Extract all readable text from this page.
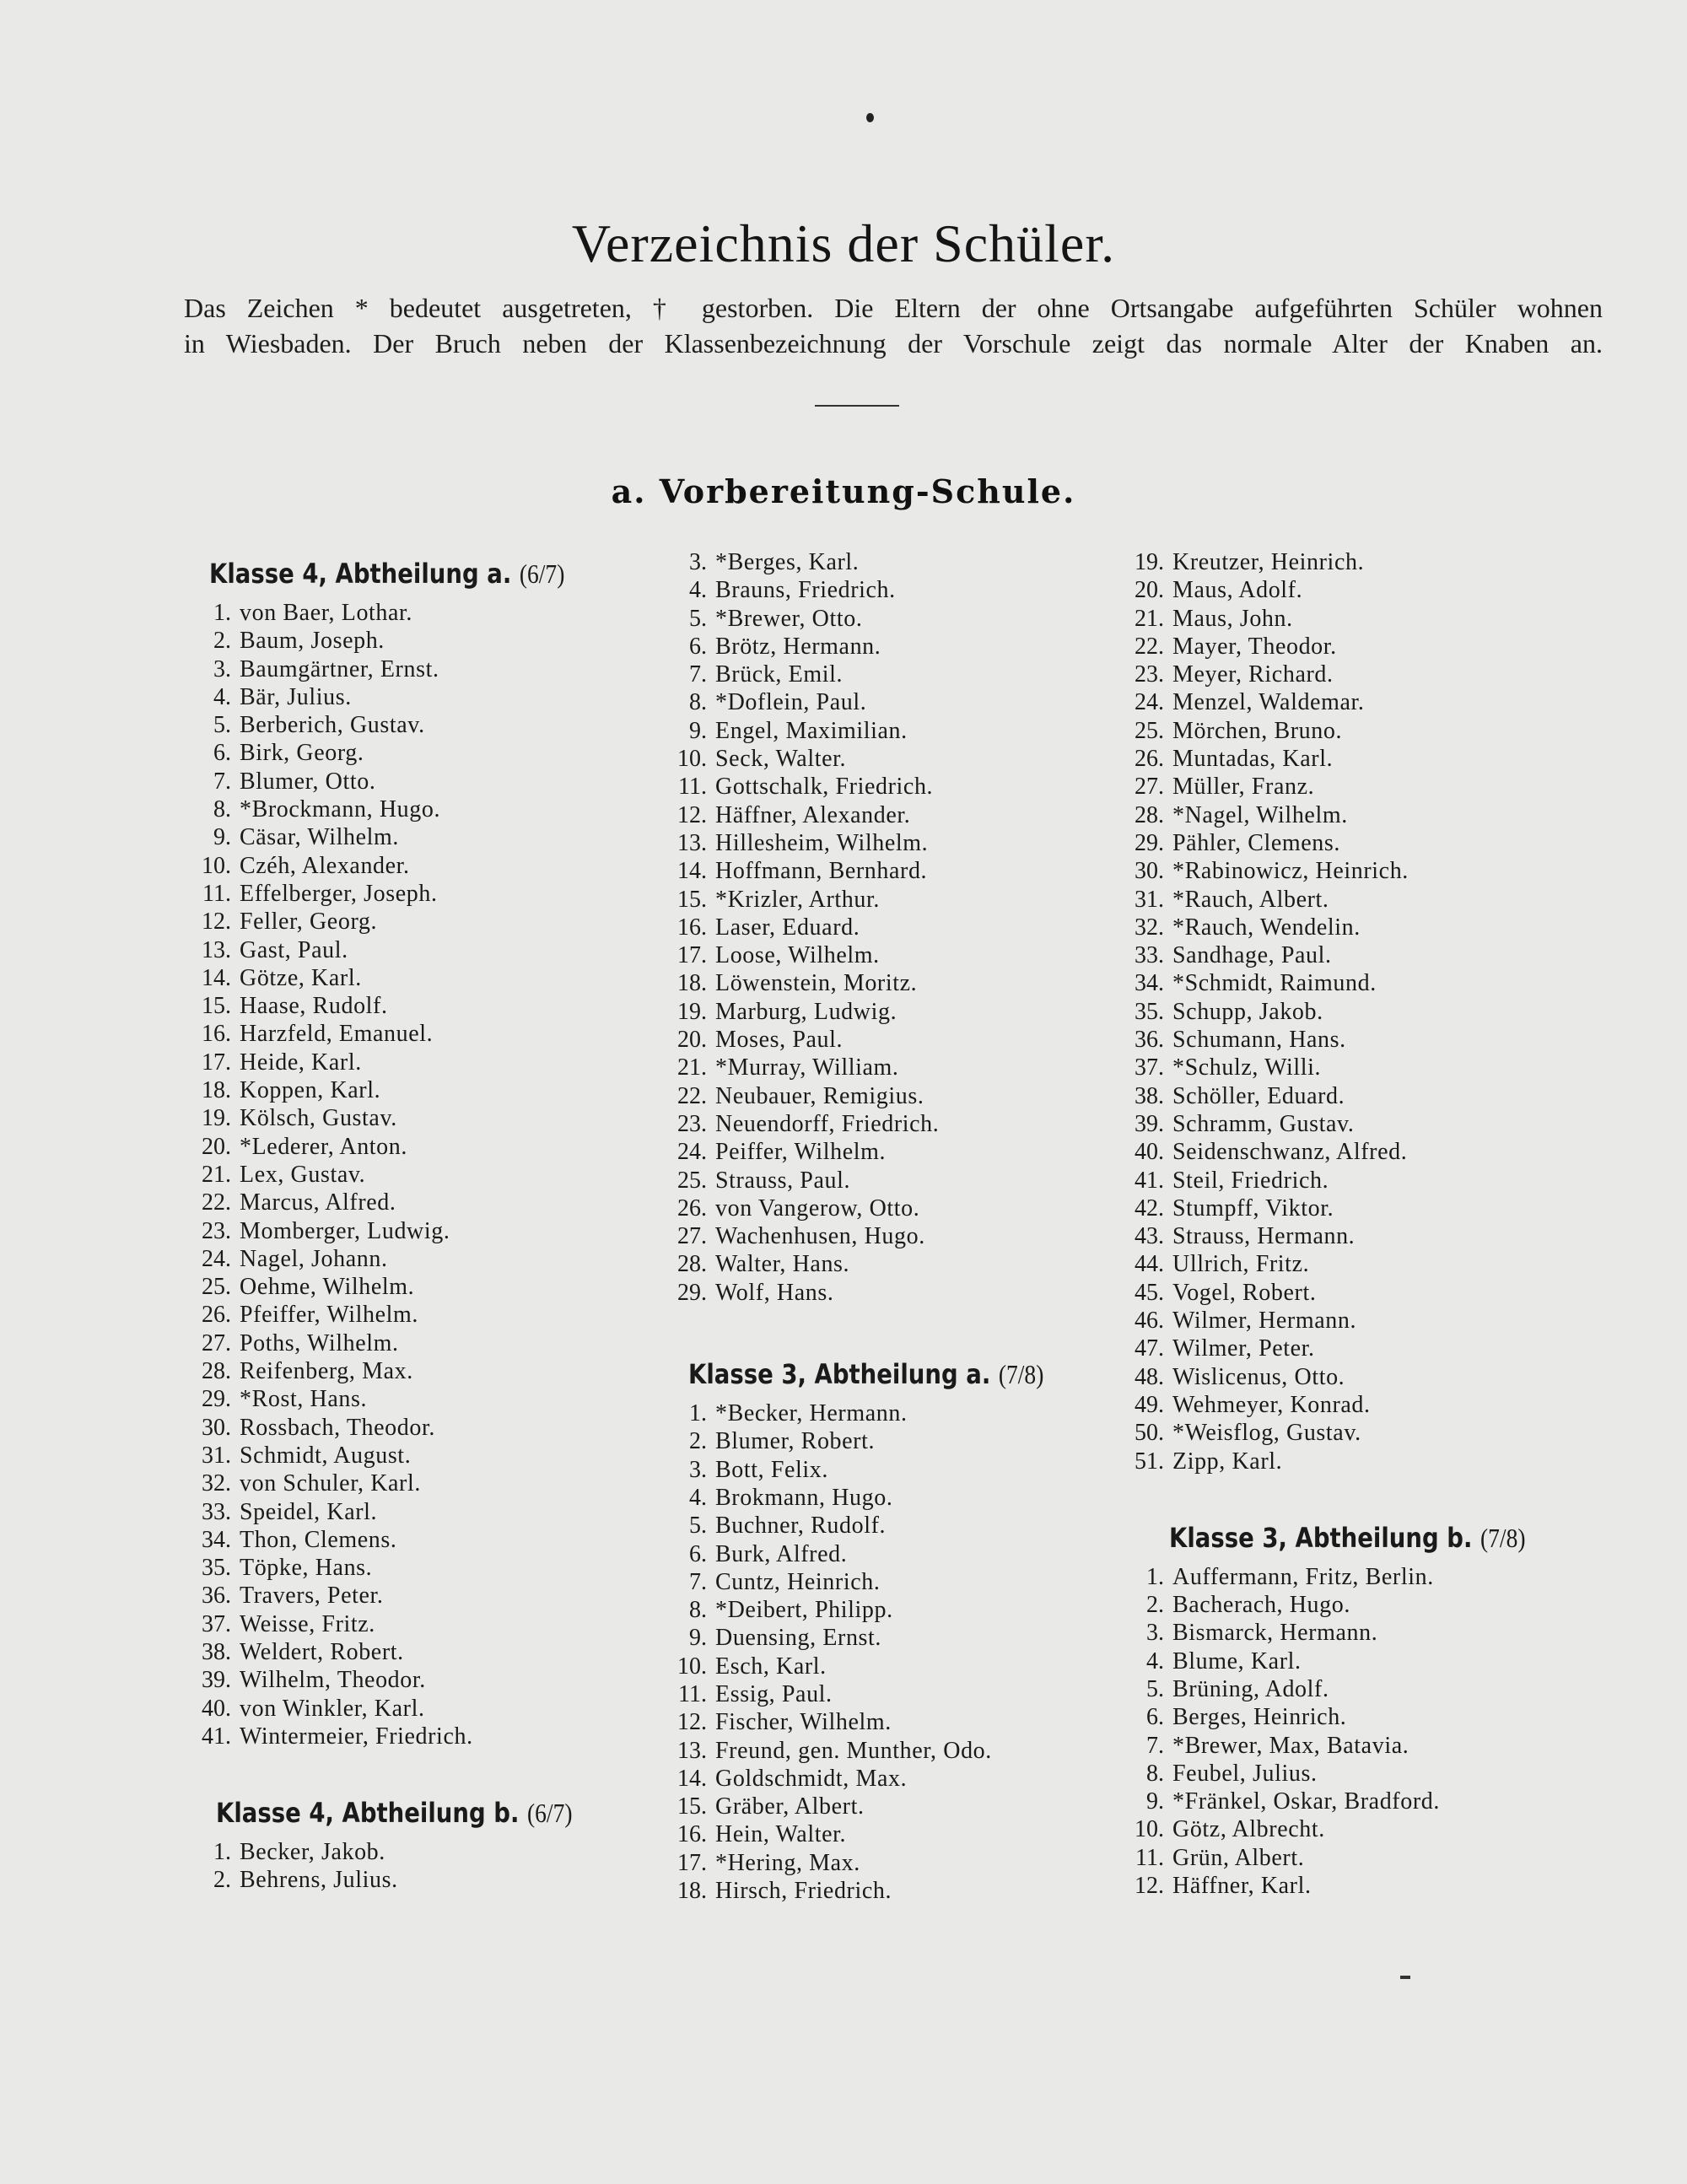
Verzeichnis der Schüler.

Das Zeichen * bedeutet ausgetreten, † gestorben. Die Eltern der ohne Ortsangabe aufgeführten Schüler wohnen

in Wiesbaden. Der Bruch neben der Klassenbezeichnung der Vorschule zeigt das normale Alter der Knaben an.

a. Vorbereitung-Schule.
Klasse 4, Abtheilung a. (6/7)
1. von Baer, Lothar.
2. Baum, Joseph.
3. Baumgärtner, Ernst.
4. Bär, Julius.
5. Berberich, Gustav.
6. Birk, Georg.
7. Blumer, Otto.
8. *Brockmann, Hugo.
9. Cäsar, Wilhelm.
10. Czéh, Alexander.
11. Effelberger, Joseph.
12. Feller, Georg.
13. Gast, Paul.
14. Götze, Karl.
15. Haase, Rudolf.
16. Harzfeld, Emanuel.
17. Heide, Karl.
18. Koppen, Karl.
19. Kölsch, Gustav.
20. *Lederer, Anton.
21. Lex, Gustav.
22. Marcus, Alfred.
23. Momberger, Ludwig.
24. Nagel, Johann.
25. Oehme, Wilhelm.
26. Pfeiffer, Wilhelm.
27. Poths, Wilhelm.
28. Reifenberg, Max.
29. *Rost, Hans.
30. Rossbach, Theodor.
31. Schmidt, August.
32. von Schuler, Karl.
33. Speidel, Karl.
34. Thon, Clemens.
35. Töpke, Hans.
36. Travers, Peter.
37. Weisse, Fritz.
38. Weldert, Robert.
39. Wilhelm, Theodor.
40. von Winkler, Karl.
41. Wintermeier, Friedrich.
Klasse 4, Abtheilung b. (6/7)
1. Becker, Jakob.
2. Behrens, Julius.
3. *Berges, Karl.
4. Brauns, Friedrich.
5. *Brewer, Otto.
6. Brötz, Hermann.
7. Brück, Emil.
8. *Doflein, Paul.
9. Engel, Maximilian.
10. Seck, Walter.
11. Gottschalk, Friedrich.
12. Häffner, Alexander.
13. Hillesheim, Wilhelm.
14. Hoffmann, Bernhard.
15. *Krizler, Arthur.
16. Laser, Eduard.
17. Loose, Wilhelm.
18. Löwenstein, Moritz.
19. Marburg, Ludwig.
20. Moses, Paul.
21. *Murray, William.
22. Neubauer, Remigius.
23. Neuendorff, Friedrich.
24. Peiffer, Wilhelm.
25. Strauss, Paul.
26. von Vangerow, Otto.
27. Wachenhusen, Hugo.
28. Walter, Hans.
29. Wolf, Hans.
Klasse 3, Abtheilung a. (7/8)
1. *Becker, Hermann.
2. Blumer, Robert.
3. Bott, Felix.
4. Brokmann, Hugo.
5. Buchner, Rudolf.
6. Burk, Alfred.
7. Cuntz, Heinrich.
8. *Deibert, Philipp.
9. Duensing, Ernst.
10. Esch, Karl.
11. Essig, Paul.
12. Fischer, Wilhelm.
13. Freund, gen. Munther, Odo.
14. Goldschmidt, Max.
15. Gräber, Albert.
16. Hein, Walter.
17. *Hering, Max.
18. Hirsch, Friedrich.
19. Kreutzer, Heinrich.
20. Maus, Adolf.
21. Maus, John.
22. Mayer, Theodor.
23. Meyer, Richard.
24. Menzel, Waldemar.
25. Mörchen, Bruno.
26. Muntadas, Karl.
27. Müller, Franz.
28. *Nagel, Wilhelm.
29. Pähler, Clemens.
30. *Rabinowicz, Heinrich.
31. *Rauch, Albert.
32. *Rauch, Wendelin.
33. Sandhage, Paul.
34. *Schmidt, Raimund.
35. Schupp, Jakob.
36. Schumann, Hans.
37. *Schulz, Willi.
38. Schöller, Eduard.
39. Schramm, Gustav.
40. Seidenschwanz, Alfred.
41. Steil, Friedrich.
42. Stumpff, Viktor.
43. Strauss, Hermann.
44. Ullrich, Fritz.
45. Vogel, Robert.
46. Wilmer, Hermann.
47. Wilmer, Peter.
48. Wislicenus, Otto.
49. Wehmeyer, Konrad.
50. *Weisflog, Gustav.
51. Zipp, Karl.
Klasse 3, Abtheilung b. (7/8)
1. Auffermann, Fritz, Berlin.
2. Bacherach, Hugo.
3. Bismarck, Hermann.
4. Blume, Karl.
5. Brüning, Adolf.
6. Berges, Heinrich.
7. *Brewer, Max, Batavia.
8. Feubel, Julius.
9. *Fränkel, Oskar, Bradford.
10. Götz, Albrecht.
11. Grün, Albert.
12. Häffner, Karl.
